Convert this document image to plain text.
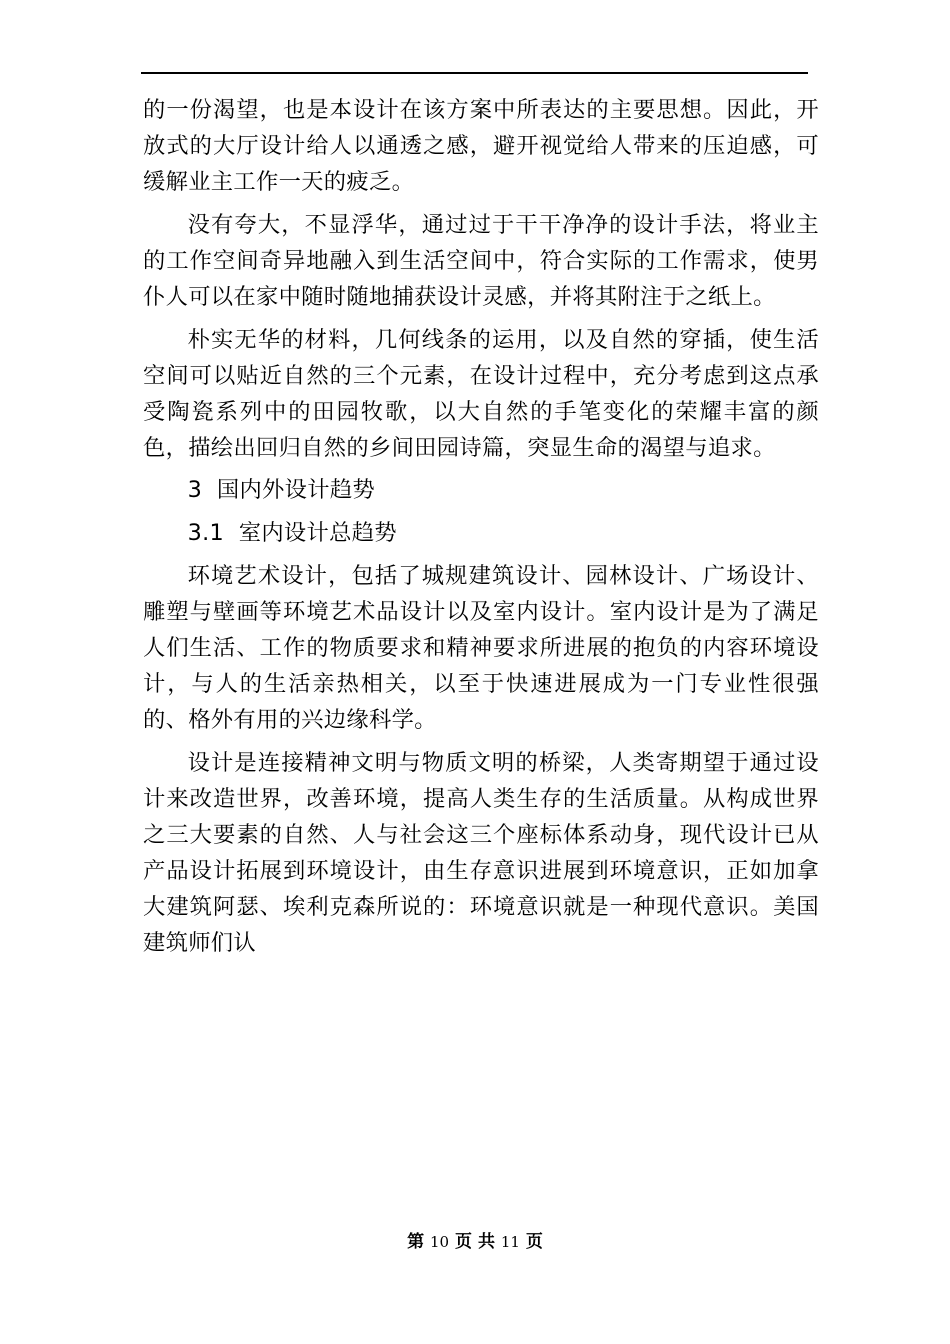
的一份渴望，也是本设计在该方案中所表达的主要思想。因此，开放式的大厅设计给人以通透之感，避开视觉给人带来的压迫感，可缓解业主工作一天的疲乏。

没有夸大，不显浮华，通过过于干干净净的设计手法，将业主的工作空间奇异地融入到生活空间中，符合实际的工作需求，使男仆人可以在家中随时随地捕获设计灵感，并将其附注于之纸上。

朴实无华的材料，几何线条的运用，以及自然的穿插，使生活空间可以贴近自然的三个元素，在设计过程中，充分考虑到这点承受陶瓷系列中的田园牧歌，以大自然的手笔变化的荣耀丰富的颜色，描绘出回归自然的乡间田园诗篇，突显生命的渴望与追求。

3  国内外设计趋势

3.1  室内设计总趋势

环境艺术设计，包括了城规建筑设计、园林设计、广场设计、雕塑与壁画等环境艺术品设计以及室内设计。室内设计是为了满足人们生活、工作的物质要求和精神要求所进展的抱负的内容环境设计，与人的生活亲热相关，以至于快速进展成为一门专业性很强的、格外有用的兴边缘科学。

设计是连接精神文明与物质文明的桥梁，人类寄期望于通过设计来改造世界，改善环境，提高人类生存的生活质量。从构成世界之三大要素的自然、人与社会这三个座标体系动身，现代设计已从产品设计拓展到环境设计，由生存意识进展到环境意识，正如加拿大建筑阿瑟、埃利克森所说的：环境意识就是一种现代意识。美国建筑师们认

第 10 页 共 11 页
